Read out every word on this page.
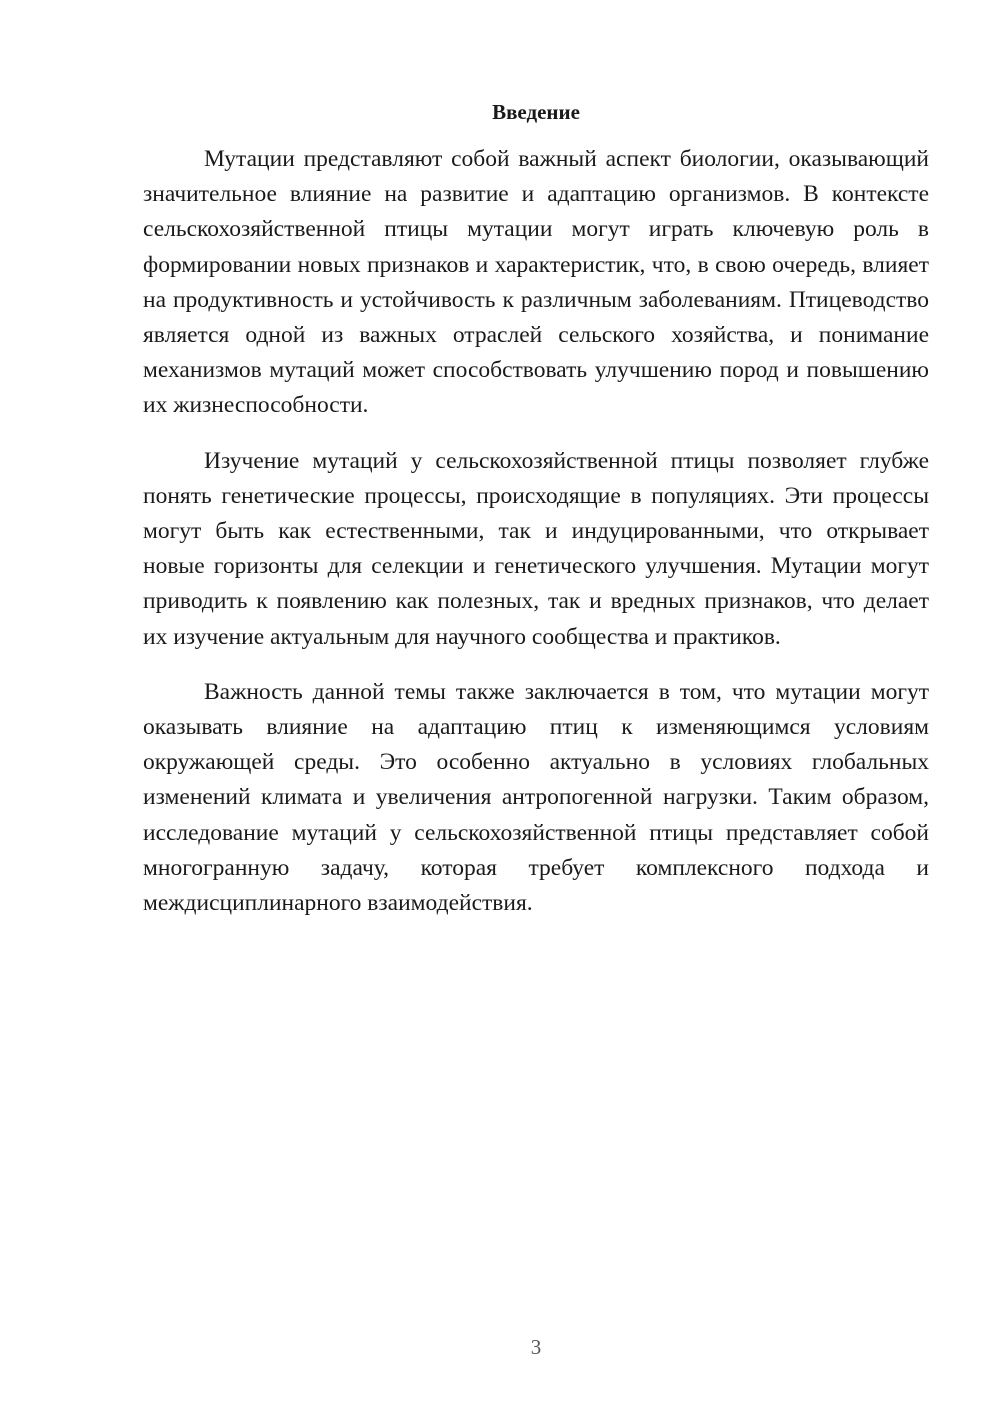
Введение

Мутации представляют собой важный аспект биологии, оказывающий значительное влияние на развитие и адаптацию организмов. В контексте сельскохозяйственной птицы мутации могут играть ключевую роль в формировании новых признаков и характеристик, что, в свою очередь, влияет на продуктивность и устойчивость к различным заболеваниям. Птицеводство является одной из важных отраслей сельского хозяйства, и понимание механизмов мутаций может способствовать улучшению пород и повышению их жизнеспособности.

Изучение мутаций у сельскохозяйственной птицы позволяет глубже понять генетические процессы, происходящие в популяциях. Эти процессы могут быть как естественными, так и индуцированными, что открывает новые горизонты для селекции и генетического улучшения. Мутации могут приводить к появлению как полезных, так и вредных признаков, что делает их изучение актуальным для научного сообщества и практиков.

Важность данной темы также заключается в том, что мутации могут оказывать влияние на адаптацию птиц к изменяющимся условиям окружающей среды. Это особенно актуально в условиях глобальных изменений климата и увеличения антропогенной нагрузки. Таким образом, исследование мутаций у сельскохозяйственной птицы представляет собой многогранную задачу, которая требует комплексного подхода и междисциплинарного взаимодействия.

3
